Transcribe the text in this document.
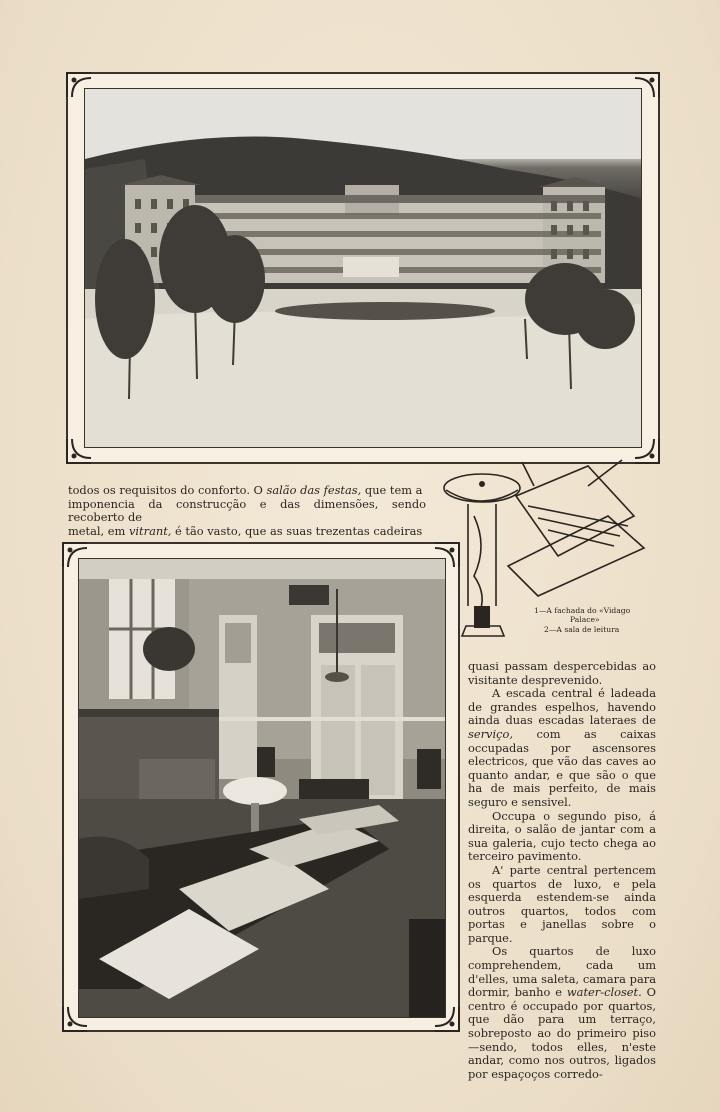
todos os requisitos do conforto. O salão das festas, que tem a
imponencia da construcção e das dimensões, sendo recoberto de
metal, em vitrant, é tão vasto, que as suas trezentas cadeiras

1—A fachada do «Vidago
Palace»
2—A sala de leitura

quasi passam despercebidas ao visitante desprevenido.

A escada central é ladeada de grandes espelhos, havendo ainda duas escadas lateraes de serviço, com as caixas occupadas por ascensores electricos, que vão das caves ao quanto andar, e que são o que ha de mais perfeito, de mais seguro e sensivel.

Occupa o segundo piso, á direita, o salão de jantar com a sua galeria, cujo tecto chega ao terceiro pavimento.

A' parte central pertencem os quartos de luxo, e pela esquerda estendem-se ainda outros quartos, todos com portas e janellas sobre o parque.

Os quartos de luxo comprehendem, cada um d'elles, uma saleta, camara para dormir, banho e water-closet. O centro é occupado por quartos, que dão para um terraço, sobreposto ao do primeiro piso—sendo, todos elles, n'este andar, como nos outros, ligados por espaçoços corredo-
